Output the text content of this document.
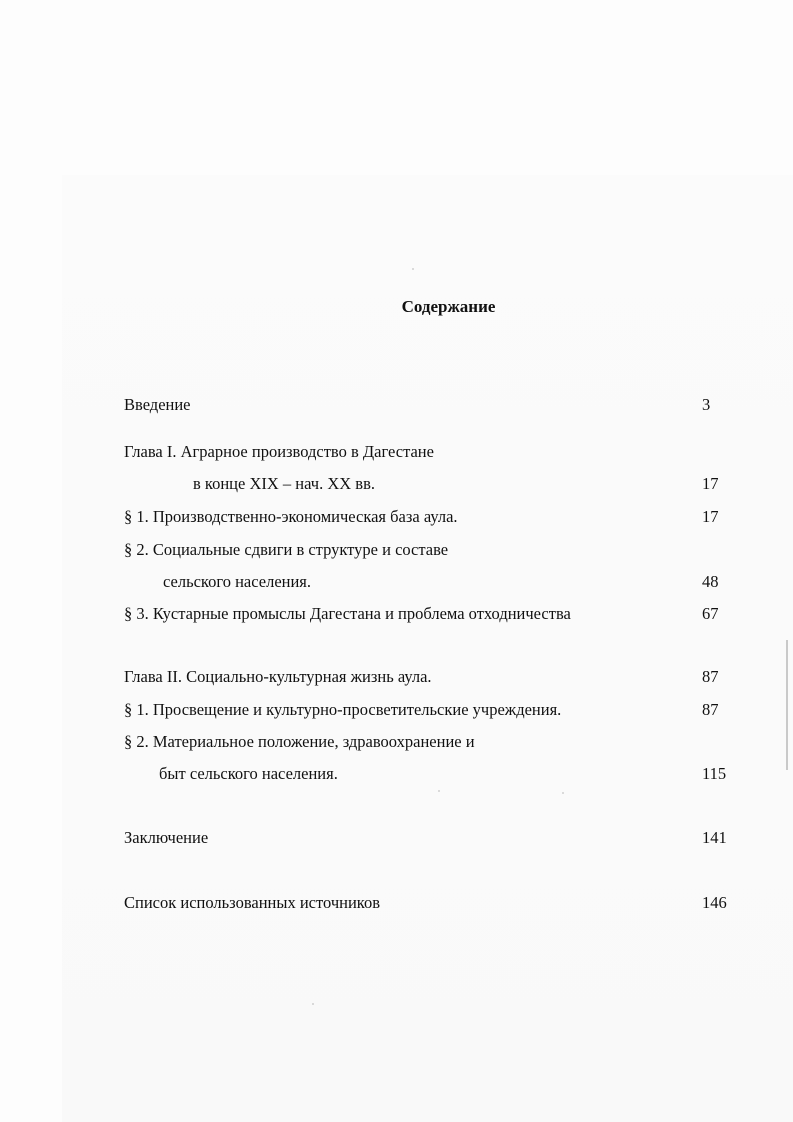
Содержание
Введение	3
Глава I. Аграрное производство в Дагестане
в конце XIX – нач. XX вв.	17
§ 1. Производственно-экономическая база аула.	17
§ 2. Социальные сдвиги в структуре и составе
сельского населения.	48
§ 3. Кустарные промыслы Дагестана и проблема отходничества	67
Глава II. Социально-культурная жизнь аула.	87
§ 1. Просвещение и культурно-просветительские учреждения.	87
§ 2. Материальное положение, здравоохранение и
быт сельского населения.	115
Заключение	141
Список использованных источников	146
